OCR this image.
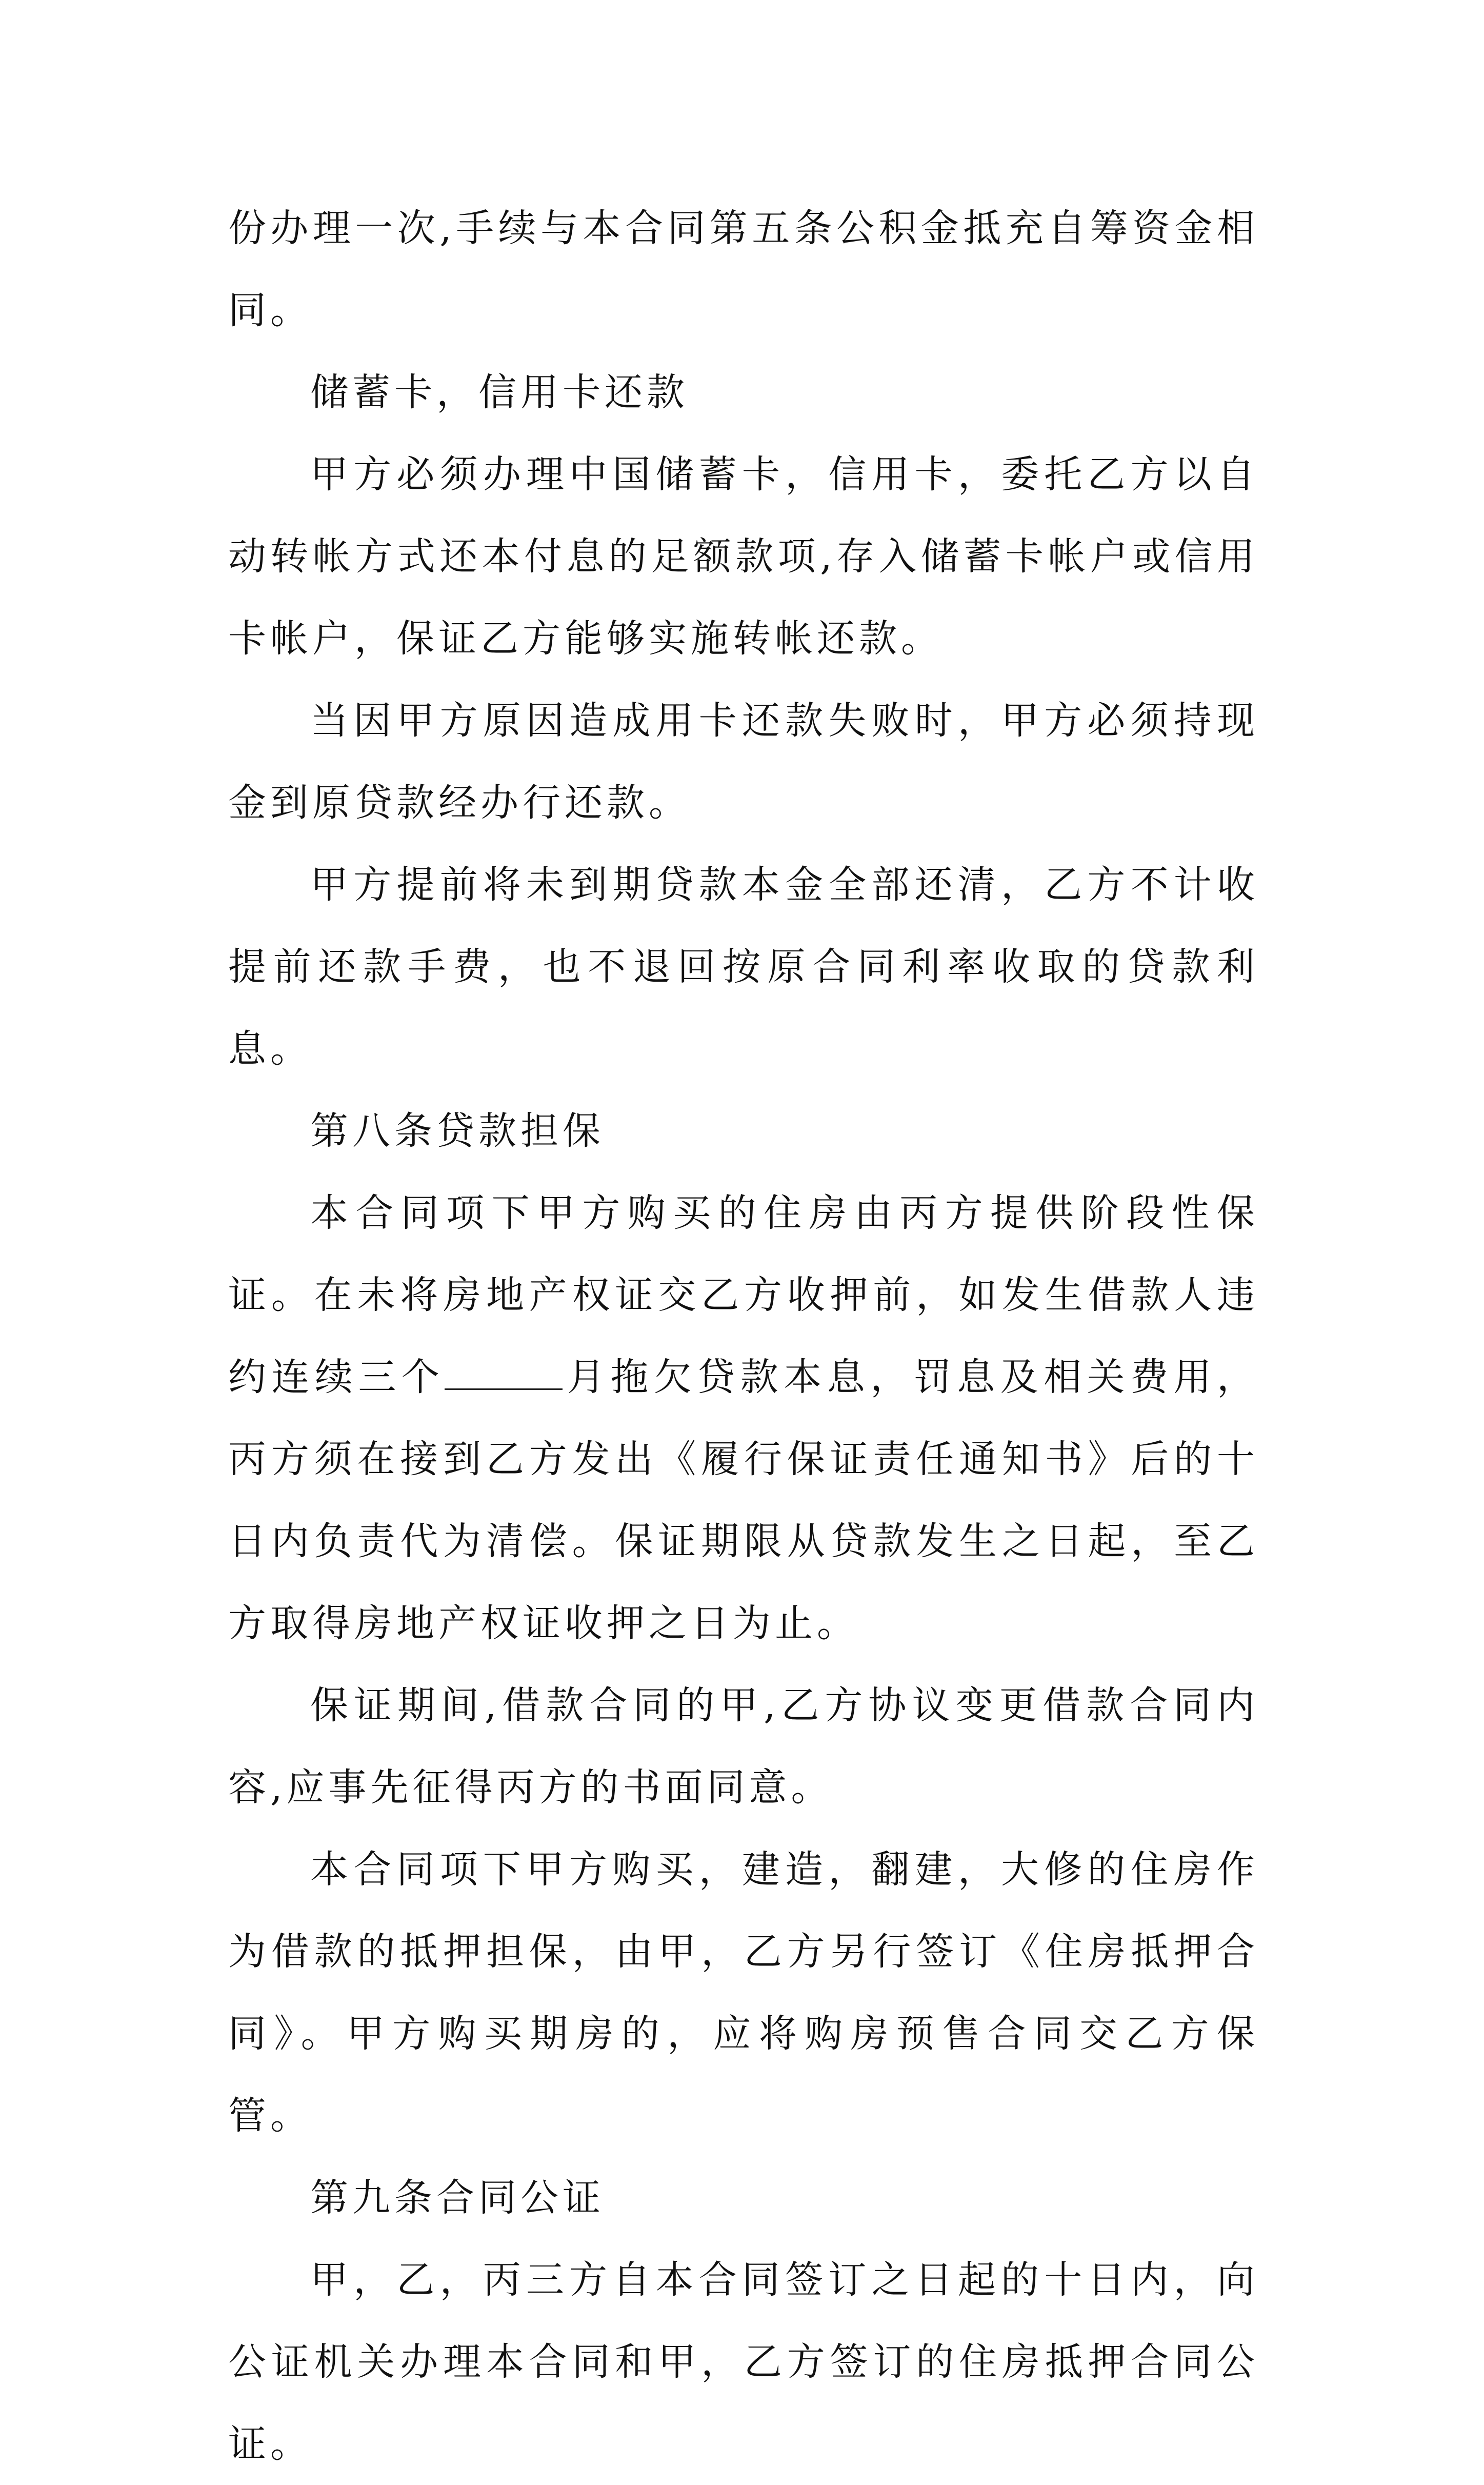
份办理一次,手续与本合同第五条公积金抵充自筹资金相同。

储蓄卡，信用卡还款

甲方必须办理中国储蓄卡，信用卡，委托乙方以自动转帐方式还本付息的足额款项,存入储蓄卡帐户或信用卡帐户，保证乙方能够实施转帐还款。

当因甲方原因造成用卡还款失败时，甲方必须持现金到原贷款经办行还款。

甲方提前将未到期贷款本金全部还清，乙方不计收提前还款手费，也不退回按原合同利率收取的贷款利息。

第八条贷款担保

本合同项下甲方购买的住房由丙方提供阶段性保证。在未将房地产权证交乙方收押前，如发生借款人违约连续三个	月拖欠贷款本息，罚息及相关费用，丙方须在接到乙方发出《履行保证责任通知书》后的十日内负责代为清偿。保证期限从贷款发生之日起，至乙方取得房地产权证收押之日为止。

保证期间,借款合同的甲,乙方协议变更借款合同内容,应事先征得丙方的书面同意。

本合同项下甲方购买，建造，翻建，大修的住房作为借款的抵押担保，由甲，乙方另行签订《住房抵押合同》。甲方购买期房的，应将购房预售合同交乙方保管。

第九条合同公证

甲，乙，丙三方自本合同签订之日起的十日内，向公证机关办理本合同和甲，乙方签订的住房抵押合同公证。
